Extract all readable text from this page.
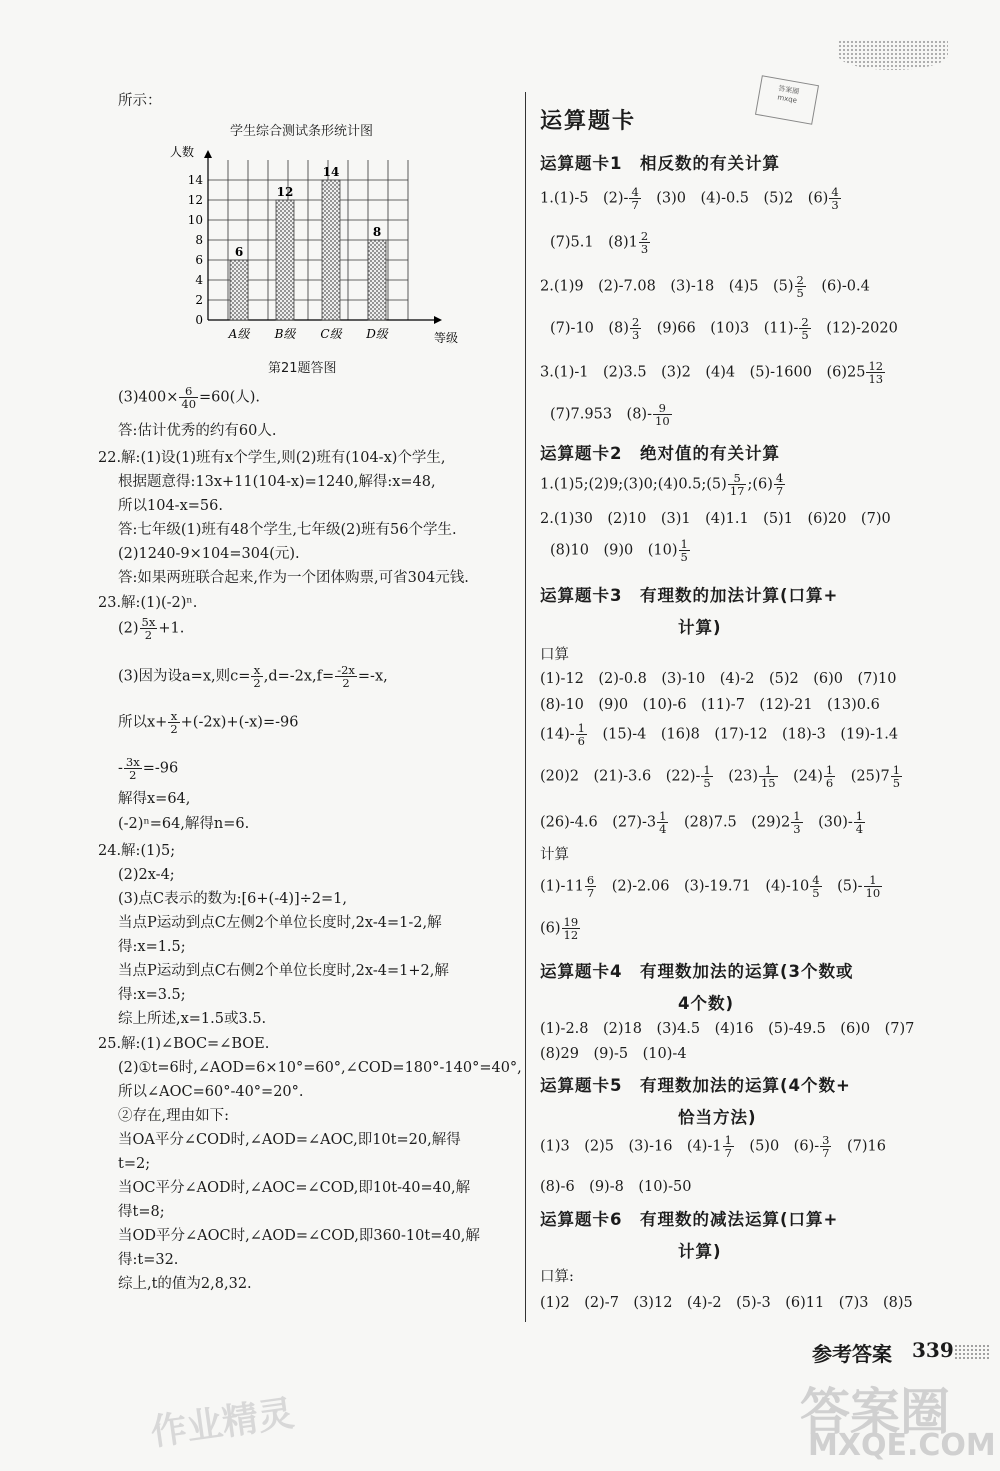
答案圈
mxqe
所示：
学生综合测试条形统计图
0
2
4
6
8
10
12
14
人数
等级
6
A级
12
B级
14
C级
8
D级
第21题答图
$(3)400\times \frac{6}{40} =60$(人).
答:估计优秀的约有60人.
22.解:(1)设(1)班有x个学生,则(2)班有(104-x)个学生,
根据题意得:13x+11(104-x)=1240,解得:x=48,
所以104-x=56.
答:七年级(1)班有48个学生,七年级(2)班有56个学生.
(2)1240-9×104=304(元).
答:如果两班联合起来,作为一个团体购票,可省304元钱.
23.解:(1)(-2)ⁿ.
$(2) \frac{5x}{2} +1$.
(3)因为设a=x,则$c= \frac{x}{2} ,d=-2x,f= \frac{-2x}{2} =-x$,
所以$x+ \frac{x}{2} +(-2x)+(-x)=-96$
- $\frac{3x}{2} =-96$
解得x=64,
(-2)ⁿ=64,解得n=6.
24.解:(1)5;
(2)2x-4;
(3)点C表示的数为:[6+(-4)]÷2=1,
当点P运动到点C左侧2个单位长度时,2x-4=1-2,解
得:x=1.5;
当点P运动到点C右侧2个单位长度时,2x-4=1+2,解
得:x=3.5;
综上所述,x=1.5或3.5.
25.解:(1)∠BOC=∠BOE.
(2)①t=6时,∠AOD=6×10°=60°,∠COD=180°-140°=40°,
所以∠AOC=60°-40°=20°.
②存在,理由如下:
当OA平分∠COD时,∠AOD=∠AOC,即10t=20,解得
t=2;
当OC平分∠AOD时,∠AOC=∠COD,即10t-40=40,解
得t=8;
当OD平分∠AOC时,∠AOD=∠COD,即360-10t=40,解
得:t=32.
综上,t的值为2,8,32.
运算题卡
运算题卡1　相反数的有关计算
1.(1)-5　$(2)- \frac{4}{7}$ 　(3)0　(4)-0.5　(5)2　$(6) \frac{4}{3}$
(7)5.1　$(8)1 \frac{2}{3}$
2.(1)9　(2)-7.08　(3)-18　(4)5　$(5) \frac{2}{5}$ 　(6)-0.4
(7)-10　$(8) \frac{2}{3}$ 　(9)66　(10)3　$(11)- \frac{2}{5}$ 　(12)-2020
3.(1)-1　(2)3.5　(3)2　(4)4　(5)-1600　$(6)25 \frac{12}{13}$
(7)7.953　$(8)- \frac{9}{10}$
运算题卡2　绝对值的有关计算
1.(1)5;(2)9;(3)0;(4)0.5;(5) $\frac{5}{17}$ ;(6) $\frac{4}{7}$
2.(1)30　(2)10　(3)1　(4)1.1　(5)1　(6)20　(7)0
(8)10　(9)0　$(10) \frac{1}{5}$
运算题卡3　有理数的加法计算(口算+
计算)
口算
(1)-12　(2)-0.8　(3)-10　(4)-2　(5)2　(6)0　(7)10
(8)-10　(9)0　(10)-6　(11)-7　(12)-21　(13)0.6
$(14)- \frac{1}{6}$ 　(15)-4　(16)8　(17)-12　(18)-3　(19)-1.4
(20)2　(21)-3.6　$(22)- \frac{1}{5}$ 　$(23) \frac{1}{15}$ 　$(24) \frac{1}{6}$ 　$(25)7 \frac{1}{5}$
(26)-4.6　$(27)-3 \frac{1}{4}$ 　(28)7.5　$(29)2 \frac{1}{3}$ 　$(30)- \frac{1}{4}$
计算
$(1)-11 \frac{6}{7}$ 　(2)-2.06　(3)-19.71　$(4)-10 \frac{4}{5}$ 　$(5)- \frac{1}{10}$
$(6) \frac{19}{12}$
运算题卡4　有理数加法的运算(3个数或
4个数)
(1)-2.8　(2)18　(3)4.5　(4)16　(5)-49.5　(6)0　(7)7
(8)29　(9)-5　(10)-4
运算题卡5　有理数加法的运算(4个数+
恰当方法)
(1)3　(2)5　(3)-16　$(4)-1 \frac{1}{7}$ 　(5)0　$(6)- \frac{3}{7}$ 　(7)16
(8)-6　(9)-8　(10)-50
运算题卡6　有理数的减法运算(口算+
计算)
口算:
(1)2　(2)-7　(3)12　(4)-2　(5)-3　(6)11　(7)3　(8)5
参考答案 339
作业精灵	答案圈
MXQE.COM
